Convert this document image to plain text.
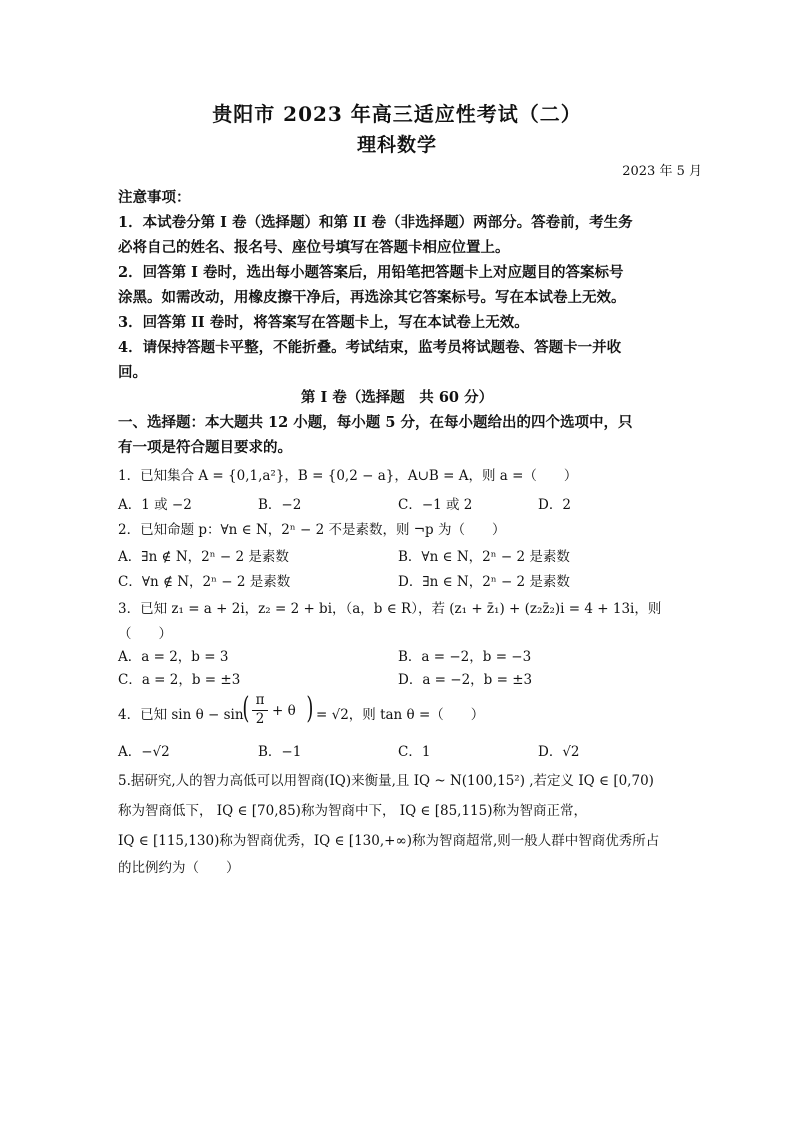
贵阳市 2023 年高三适应性考试（二）
理科数学
2023 年 5 月
注意事项：
1．本试卷分第 I 卷（选择题）和第 II 卷（非选择题）两部分。答卷前，考生务
必将自己的姓名、报名号、座位号填写在答题卡相应位置上。
2．回答第 I 卷时，选出每小题答案后，用铅笔把答题卡上对应题目的答案标号
涂黑。如需改动，用橡皮擦干净后，再选涂其它答案标号。写在本试卷上无效。
3．回答第 II 卷时，将答案写在答题卡上，写在本试卷上无效。
4．请保持答题卡平整，不能折叠。考试结束，监考员将试题卷、答题卡一并收
回。
第 I 卷（选择题　共 60 分）
一、选择题：本大题共 12 小题，每小题 5 分，在每小题给出的四个选项中，只
有一项是符合题目要求的。
1．已知集合 A = {0,1,a²}，B = {0,2 − a}，A∪B = A，则 a =（　　）
A．1 或 −2	B．−2	C．−1 或 2	D．2
2．已知命题 p：∀n ∈ N，2ⁿ − 2 不是素数，则 ¬p 为（　　）
A．∃n ∉ N，2ⁿ − 2 是素数	B．∀n ∈ N，2ⁿ − 2 是素数
C．∀n ∉ N，2ⁿ − 2 是素数	D．∃n ∈ N，2ⁿ − 2 是素数
3．已知 z₁ = a + 2i，z₂ = 2 + bi，（a，b ∈ R），若 (z₁ + z̄₁) + (z₂z̄₂)i = 4 + 13i，则
（　　）
A．a = 2，b = 3	B．a = −2，b = −3
C．a = 2，b = ±3	D．a = −2，b = ±3
4．已知 sin θ − sin
( π
2 + θ ) = √2，则 tan θ =（　　）
A．−√2	B．−1	C．1	D．√2
5.据研究,人的智力高低可以用智商(IQ)来衡量,且 IQ ~ N(100,15²) ,若定义 IQ ∈ [0,70)
称为智商低下， IQ ∈ [70,85)称为智商中下， IQ ∈ [85,115)称为智商正常，
IQ ∈ [115,130)称为智商优秀，IQ ∈ [130,+∞)称为智商超常,则一般人群中智商优秀所占
的比例约为（　　）
